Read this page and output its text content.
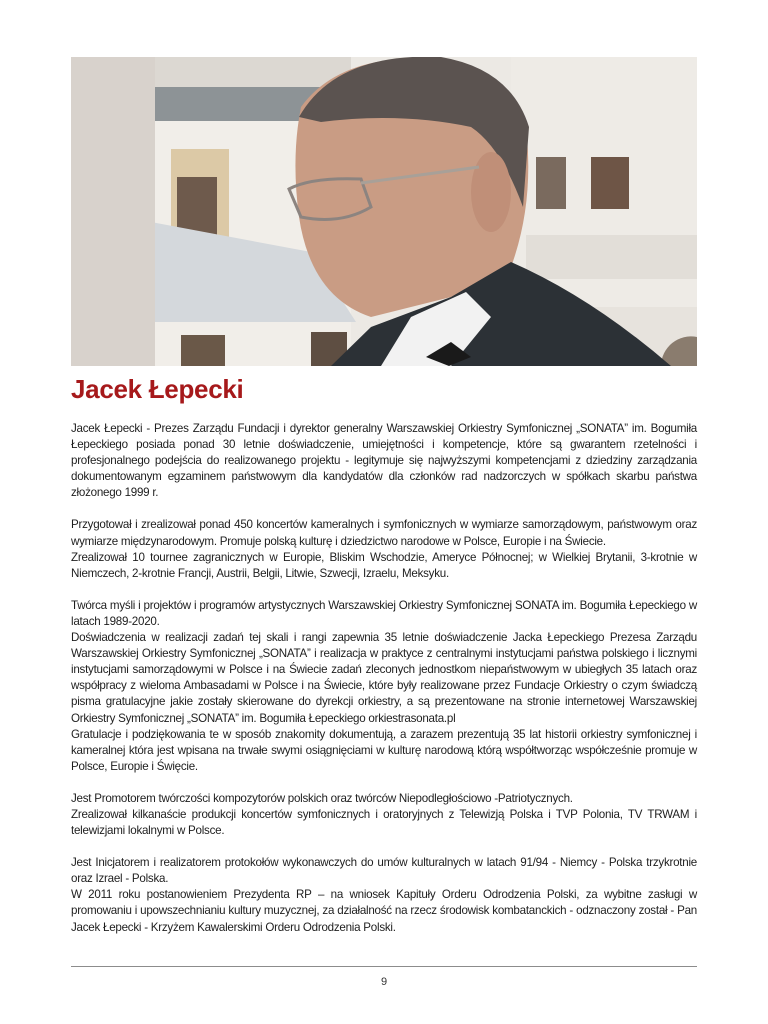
Jacek Łepecki

Jacek Łepecki - Prezes Zarządu Fundacji i dyrektor generalny Warszawskiej Orkiestry Symfonicznej „SONATA” im. Bogumiła Łepeckiego posiada ponad 30 letnie doświadczenie, umiejętności i kompetencje, które są gwarantem rzetelności i profesjonalnego podejścia do realizowanego projektu - legitymuje się najwyższymi kompetencjami z dziedziny zarządzania dokumentowanym egzaminem państwowym dla kandydatów dla członków rad nadzorczych w spółkach skarbu państwa złożonego 1999 r.

Przygotował i zrealizował ponad 450 koncertów kameralnych i symfonicznych w wymiarze samorządowym, państwowym oraz wymiarze międzynarodowym. Promuje polską kulturę i dziedzictwo narodowe w Polsce, Europie i na Świecie.
Zrealizował 10 tournee zagranicznych w Europie, Bliskim Wschodzie, Ameryce Północnej; w Wielkiej Brytanii, 3-krotnie w Niemczech, 2-krotnie Francji, Austrii, Belgii, Litwie, Szwecji, Izraelu, Meksyku.

Twórca myśli i projektów i programów artystycznych Warszawskiej Orkiestry Symfonicznej SONATA im. Bogumiła Łepeckiego w latach 1989-2020.
Doświadczenia w realizacji zadań tej skali i rangi zapewnia 35 letnie doświadczenie Jacka Łepeckiego Prezesa Zarządu Warszawskiej Orkiestry Symfonicznej „SONATA” i realizacja w praktyce z centralnymi instytucjami państwa polskiego i licznymi instytucjami samorządowymi w Polsce i na Świecie zadań zleconych jednostkom niepaństwowym w ubiegłych 35 latach oraz współpracy z wieloma Ambasadami w Polsce i na Świecie, które były realizowane przez Fundacje Orkiestry o czym świadczą pisma gratulacyjne jakie zostały skierowane do dyrekcji orkiestry, a są prezentowane na stronie internetowej Warszawskiej Orkiestry Symfonicznej „SONATA” im. Bogumiła Łepeckiego orkiestrasonata.pl
Gratulacje i podziękowania te w sposób znakomity dokumentują, a zarazem prezentują 35 lat historii orkiestry symfonicznej i kameralnej która jest wpisana na trwałe swymi osiągnięciami w kulturę narodową którą współtworząc współcześnie promuje w Polsce, Europie i Święcie.

Jest Promotorem twórczości kompozytorów polskich oraz twórców Niepodległościowo -Patriotycznych.
Zrealizował kilkanaście produkcji koncertów symfonicznych i oratoryjnych z Telewizją Polska i TVP Polonia, TV TRWAM i telewizjami lokalnymi w Polsce.

Jest Inicjatorem i realizatorem protokołów wykonawczych do umów kulturalnych w latach 91/94 - Niemcy - Polska trzykrotnie oraz Izrael - Polska.
W 2011 roku postanowieniem Prezydenta RP – na wniosek Kapituły Orderu Odrodzenia Polski, za wybitne zasługi w promowaniu i upowszechnianiu kultury muzycznej, za działalność na rzecz środowisk kombatanckich - odznaczony został - Pan Jacek Łepecki - Krzyżem Kawalerskimi Orderu Odrodzenia Polski.

9
